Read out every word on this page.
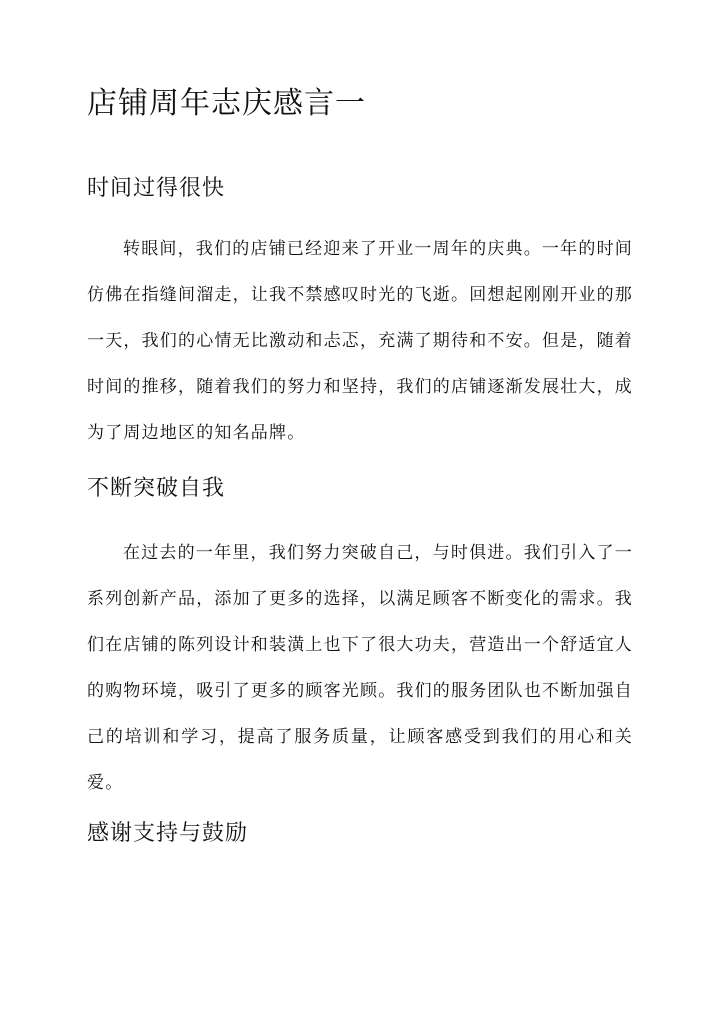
店铺周年志庆感言一
时间过得很快

转眼间，我们的店铺已经迎来了开业一周年的庆典。一年的时间仿佛在指缝间溜走，让我不禁感叹时光的飞逝。回想起刚刚开业的那一天，我们的心情无比激动和忐忑，充满了期待和不安。但是，随着时间的推移，随着我们的努力和坚持，我们的店铺逐渐发展壮大，成为了周边地区的知名品牌。

不断突破自我

在过去的一年里，我们努力突破自己，与时俱进。我们引入了一系列创新产品，添加了更多的选择，以满足顾客不断变化的需求。我们在店铺的陈列设计和装潢上也下了很大功夫，营造出一个舒适宜人的购物环境，吸引了更多的顾客光顾。我们的服务团队也不断加强自己的培训和学习，提高了服务质量，让顾客感受到我们的用心和关爱。

感谢支持与鼓励
